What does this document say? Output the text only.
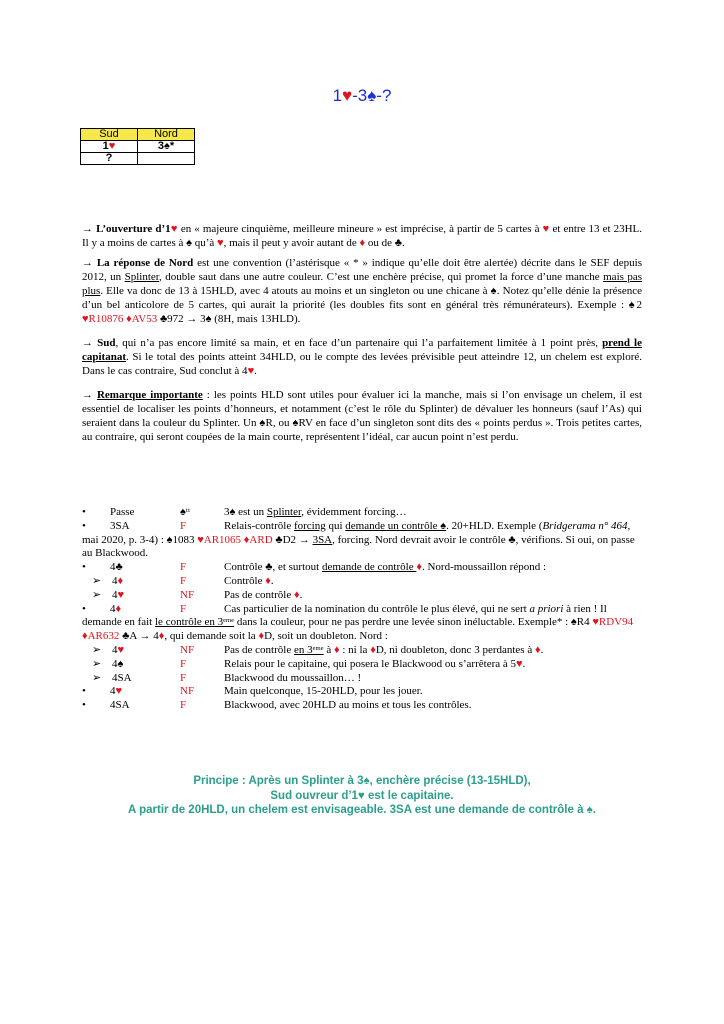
1♥-3♠-?
Sud	Nord
1♥	3♠*
?	
→ L’ouverture d’1♥ en « majeure cinquième, meilleure mineure » est imprécise, à partir de 5 cartes à ♥ et entre 13 et 23HL. Il y a moins de cartes à ♠ qu’à ♥, mais il peut y avoir autant de ♦ ou de ♣.
→ La réponse de Nord est une convention (l’astérisque « * » indique qu’elle doit être alertée) décrite dans le SEF depuis 2012, un Splinter, double saut dans une autre couleur. C’est une enchère précise, qui promet la force d’une manche mais pas plus. Elle va donc de 13 à 15HLD, avec 4 atouts au moins et un singleton ou une chicane à ♠. Notez qu’elle dénie la présence d’un bel anticolore de 5 cartes, qui aurait la priorité (les doubles fits sont en général très rémunérateurs). Exemple : ♠2 ♥R10876 ♦AV53 ♣972 → 3♠ (8H, mais 13HLD).
→ Sud, qui n’a pas encore limité sa main, et en face d’un partenaire qui l’a parfaitement limitée à 1 point près, prend le capitanat. Si le total des points atteint 34HLD, ou le compte des levées prévisible peut atteindre 12, un chelem est exploré. Dans le cas contraire, Sud conclut à 4♥.
→ Remarque importante : les points HLD sont utiles pour évaluer ici la manche, mais si l’on envisage un chelem, il est essentiel de localiser les points d’honneurs, et notamment (c’est le rôle du Splinter) de dévaluer les honneurs (sauf l’As) qui seraient dans la couleur du Splinter. Un ♠R, ou ♠RV en face d’un singleton sont dits des « points perdus ». Trois petites cartes, au contraire, qui seront coupées de la main courte, représentent l’idéal, car aucun point n’est perdu.
• Passe	♠ᵗᵗ	3♠ est un Splinter, évidemment forcing…
• 3SA	F	Relais-contrôle forcing qui demande un contrôle ♠. 20+HLD. Exemple (Bridgerama n° 464, mai 2020, p. 3-4) : ♠1083 ♥AR1065 ♦ARD ♣D2 → 3SA, forcing. Nord devrait avoir le contrôle ♣, vérifions. Si oui, on passe au Blackwood.
• 4♣	F	Contrôle ♣, et surtout demande de contrôle ♦. Nord-moussaillon répond :
➢ 4♦	F	Contrôle ♦.
➢ 4♥	NF	Pas de contrôle ♦.
• 4♦	F	Cas particulier de la nomination du contrôle le plus élevé, qui ne sert a priori à rien ! Il demande en fait le contrôle en 3ᵉᵐᵉ dans la couleur, pour ne pas perdre une levée sinon inéluctable. Exemple* : ♠R4 ♥RDV94 ♦AR632 ♣A → 4♦, qui demande soit la ♦D, soit un doubleton. Nord :
➢ 4♥	NF	Pas de contrôle en 3ᵉᵐᵉ à ♦ : ni la ♦D, ni doubleton, donc 3 perdantes à ♦.
➢ 4♠	F	Relais pour le capitaine, qui posera le Blackwood ou s’arrêtera à 5♥.
➢ 4SA	F	Blackwood du moussaillon… !
• 4♥	NF	Main quelconque, 15-20HLD, pour les jouer.
• 4SA	F	Blackwood, avec 20HLD au moins et tous les contrôles.
Principe : Après un Splinter à 3♠, enchère précise (13-15HLD),
Sud ouvreur d’1♥ est le capitaine.
A partir de 20HLD, un chelem est envisageable. 3SA est une demande de contrôle à ♠.
